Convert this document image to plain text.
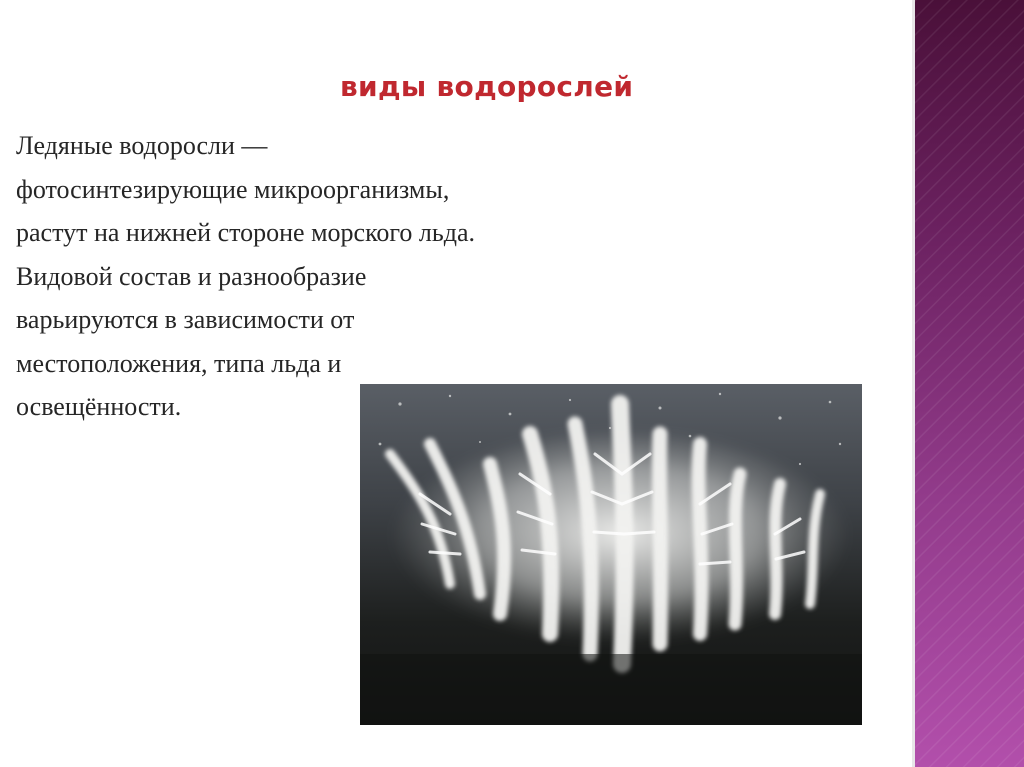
виды водорослей

Ледяные водоросли —
фотосинтезирующие микроорганизмы,
растут на нижней стороне морского льда.
Видовой состав и разнообразие
варьируются в зависимости от
местоположения, типа льда и
освещённости.
